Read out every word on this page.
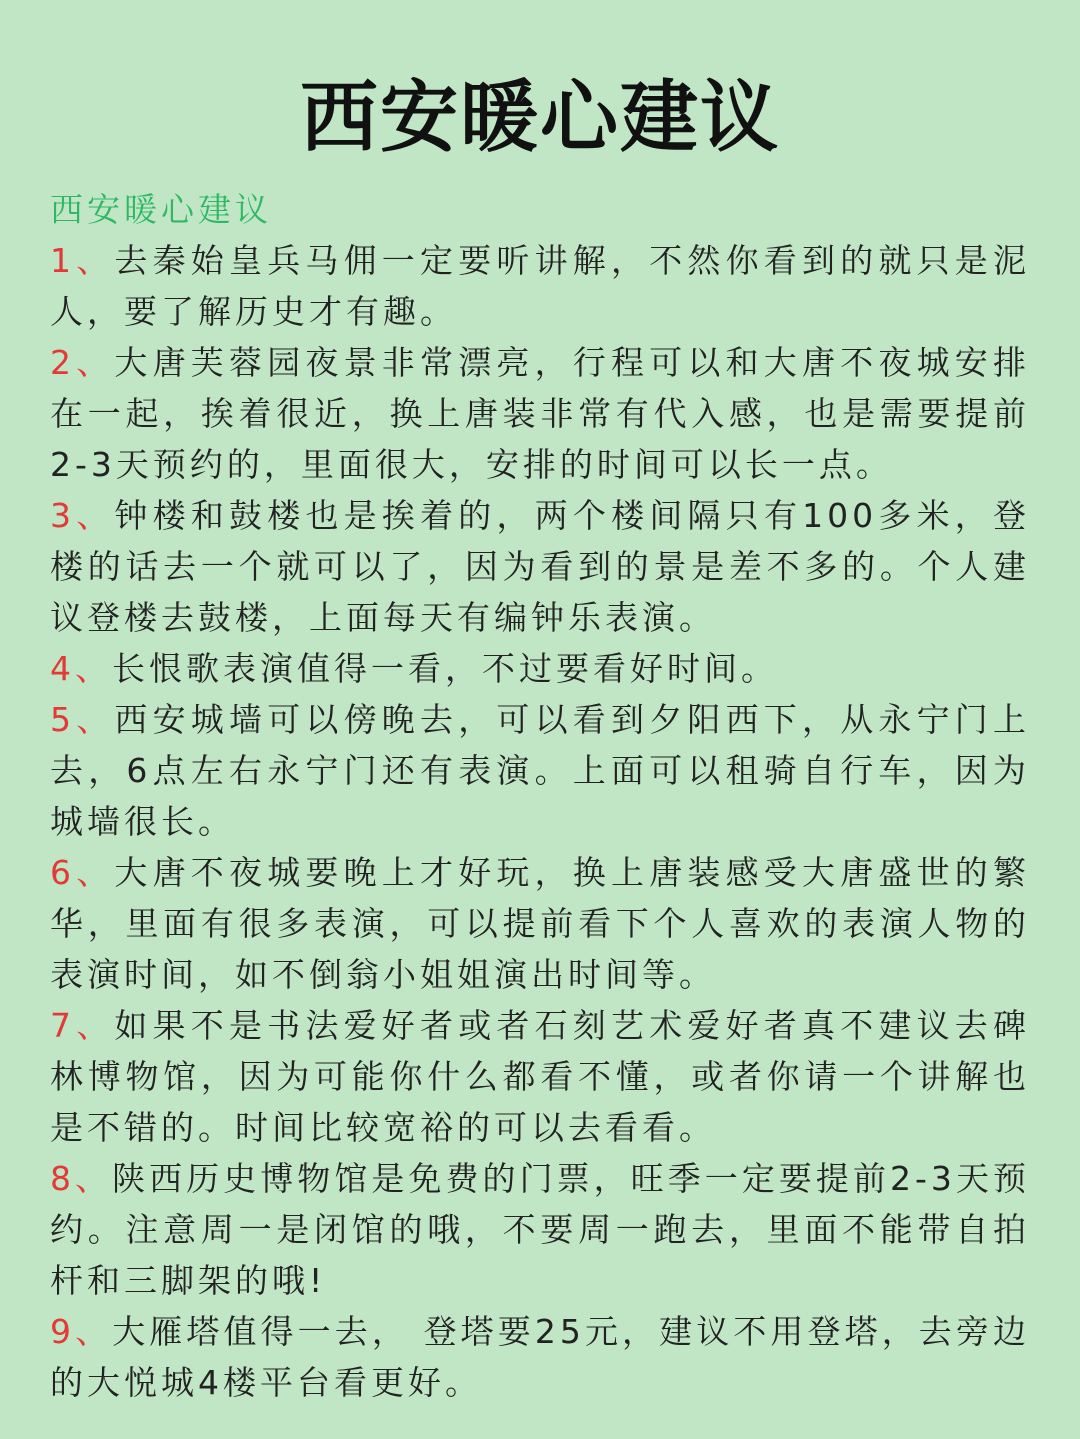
西安暖心建议
西安暖心建议
1、去秦始皇兵马佣一定要听讲解，不然你看到的就只是泥人，要了解历史才有趣。
2、大唐芙蓉园夜景非常漂亮，行程可以和大唐不夜城安排在一起，挨着很近，换上唐装非常有代入感，也是需要提前2-3天预约的，里面很大，安排的时间可以长一点。
3、钟楼和鼓楼也是挨着的，两个楼间隔只有100多米，登楼的话去一个就可以了，因为看到的景是差不多的。个人建议登楼去鼓楼，上面每天有编钟乐表演。
4、长恨歌表演值得一看，不过要看好时间。
5、西安城墙可以傍晚去，可以看到夕阳西下，从永宁门上去，6点左右永宁门还有表演。上面可以租骑自行车，因为城墙很长。
6、大唐不夜城要晚上才好玩，换上唐装感受大唐盛世的繁华，里面有很多表演，可以提前看下个人喜欢的表演人物的表演时间，如不倒翁小姐姐演出时间等。
7、如果不是书法爱好者或者石刻艺术爱好者真不建议去碑林博物馆，因为可能你什么都看不懂，或者你请一个讲解也是不错的。时间比较宽裕的可以去看看。
8、陕西历史博物馆是免费的门票，旺季一定要提前2-3天预约。注意周一是闭馆的哦，不要周一跑去，里面不能带自拍杆和三脚架的哦!
9、大雁塔值得一去， 登塔要25元，建议不用登塔，去旁边的大悦城4楼平台看更好。
